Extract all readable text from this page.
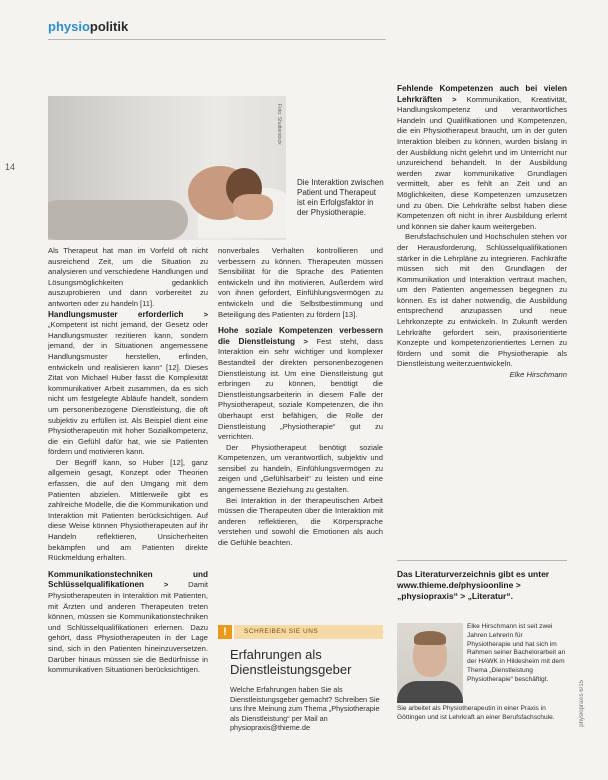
physiopolitik
14
Foto: Shutterstock
Die Interaktion zwischen Patient und Therapeut ist ein Erfolgsfaktor in der Physiotherapie.

Als Therapeut hat man im Vorfeld oft nicht ausreichend Zeit, um die Situation zu analysieren und verschiedene Handlungen und Lösungsmöglichkeiten gedanklich auszuprobieren und dann vorbereitet zu antworten oder zu handeln [11].

Handlungsmuster erforderlich > „Kompetent ist nicht jemand, der Gesetz oder Handlungsmuster rezitieren kann, sondern jemand, der in Situationen angemessene Handlungsmuster herstellen, erfinden, entwickeln und realisieren kann“ [12]. Dieses Zitat von Michael Huber fasst die Komplexität kommunikativer Arbeit zusammen, da es sich nicht um festgelegte Abläufe handelt, sondern um personenbezogene Dienstleistung, die oft subjektiv zu erfüllen ist. Als Beispiel dient eine Physiotherapeutin mit hoher Sozialkompetenz, die ein Gefühl dafür hat, wie sie Patienten fördern und motivieren kann.

Der Begriff kann, so Huber [12], ganz allgemein gesagt, Konzept oder Theorien erfassen, die auf den Umgang mit dem Patienten abzielen. Mittlerweile gibt es zahlreiche Modelle, die die Kommunikation und Interaktion mit Patienten berücksichtigen. Auf diese Weise können Physiotherapeuten auf ihr Handeln reflektieren, Unsicherheiten bekämpfen und am Patienten direkte Rückmeldung erhalten.

Kommunikationstechniken und Schlüsselqualifikationen > Damit Physiotherapeuten in Interaktion mit Patienten, mit Ärzten und anderen Therapeuten treten können, müssen sie Kommunikationstechniken und Schlüsselqualifikationen erlernen. Dazu gehört, dass Physiotherapeuten in der Lage sind, sich in den Patienten hineinzuversetzen. Darüber hinaus müssen sie die Bedürfnisse in kommunikativen Situationen berücksichtigen.

nonverbales Verhalten kontrollieren und verbessern zu können. Therapeuten müssen Sensibilität für die Sprache des Patienten entwickeln und ihn motivieren. Außerdem wird von ihnen gefordert, Einfühlungsvermögen zu entwickeln und die Selbstbestimmung und Beteiligung des Patienten zu fördern [13].

Hohe soziale Kompetenzen verbessern die Dienstleistung > Fest steht, dass Interaktion ein sehr wichtiger und komplexer Bestandteil der direkten personenbezogenen Dienstleistung ist. Um eine Dienstleistung gut erbringen zu können, benötigt die Dienstleistungsarbeiterin in diesem Falle der Physiotherapeut, soziale Kompetenzen, die ihn überhaupt erst befähigen, die Rolle der Dienstleistung „Physiotherapie“ gut zu verrichten.

Der Physiotherapeut benötigt soziale Kompetenzen, um verantwortlich, subjektiv und sensibel zu handeln, Einfühlungsvermögen zu zeigen und „Gefühlsarbeit“ zu leisten und eine angemessene Beziehung zu gestalten.

Bei Interaktion in der therapeutischen Arbeit müssen die Therapeuten über die Interaktion mit anderen reflektieren, die Körpersprache verstehen und sowohl die Emotionen als auch die Gefühle beachten.

Fehlende Kompetenzen auch bei vielen Lehrkräften > Kommunikation, Kreativität, Handlungskompetenz und verantwortliches Handeln und Qualifikationen und Kompetenzen, die ein Physiotherapeut braucht, um in der guten Interaktion bleiben zu können, wurden bislang in der Ausbildung nicht gelehrt und im Unterricht nur unzureichend behandelt. In der Ausbildung werden zwar kommunikative Grundlagen vermittelt, aber es fehlt an Zeit und an Möglichkeiten, diese Kompetenzen umzusetzen und zu üben. Die Lehrkräfte selbst haben diese Kompetenzen oft nicht in ihrer Ausbildung erlernt und können sie daher kaum weitergeben.

Berufsfachschulen und Hochschulen stehen vor der Herausforderung, Schlüsselqualifikationen stärker in die Lehrpläne zu integrieren. Fachkräfte müssen sich mit den Grundlagen der Kommunikation und Interaktion vertraut machen, um den Patienten angemessen begegnen zu können. Es ist daher notwendig, die Ausbildung entsprechend anzupassen und neue Lehrkonzepte zu entwickeln. In Zukunft werden Lehrkräfte gefordert sein, praxisorientierte Konzepte und kompetenzorientiertes Lernen zu fördern und somit die Physiotherapie als Dienstleistung weiterzuentwickeln.

Elke Hirschmann

Das Literaturverzeichnis gibt es unter
www.thieme.de/physioonline > „physiopraxis“ > „Literatur“.
!	SCHREIBEN SIE UNS
Erfahrungen als Dienstleistungsgeber
Welche Erfahrungen haben Sie als Dienstleistungsgeber gemacht? Schreiben Sie uns Ihre Meinung zum Thema „Physiotherapie als Dienstleistung“ per Mail an physiopraxis@thieme.de
Elke Hirschmann ist seit zwei Jahren Lehrerin für Physiotherapie und hat sich im Rahmen seiner Bachelorarbeit an der HAWK in Hildesheim mit dem Thema „Dienstleistung Physiotherapie“ beschäftigt.
Sie arbeitet als Physiotherapeutin in einer Praxis in Göttingen und ist Lehrkraft an einer Berufsfachschule.	physiopraxis 6/15
